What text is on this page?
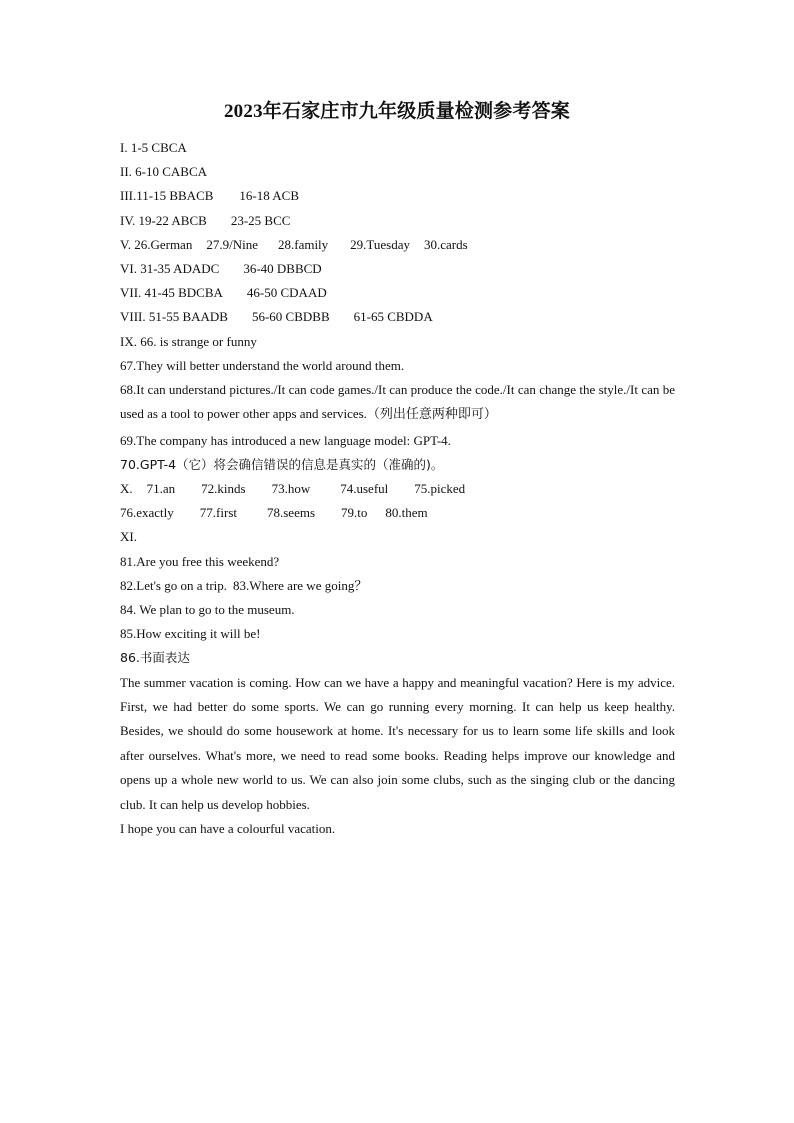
2023年石家庄市九年级质量检测参考答案
I. 1-5 CBCA
II. 6-10 CABCA
III.11-15 BBACB 16-18 ACB
IV. 19-22 ABCB 23-25 BCC
V. 26.German 27.9/Nine 28.family 29.Tuesday 30.cards
VI. 31-35 ADADC 36-40 DBBCD
VII. 41-45 BDCBA 46-50 CDAAD
VIII. 51-55 BAADB 56-60 CBDBB 61-65 CBDDA
IX. 66. is strange or funny
67.They will better understand the world around them.
68.It can understand pictures./It can code games./It can produce the code./It can change the style./It can be used as a tool to power other apps and services.（列出任意两种即可）
69.The company has introduced a new language model: GPT-4.
70.GPT-4（它）将会确信错误的信息是真实的（准确的)。
X. 71.an 72.kinds 73.how 74.useful 75.picked
76.exactly 77.first 78.seems 79.to 80.them
XI.
81.Are you free this weekend?
82.Let's go on a trip. 83.Where are we going？
84. We plan to go to the museum.
85.How exciting it will be!
86.书面表达
The summer vacation is coming. How can we have a happy and meaningful vacation? Here is my advice. First, we had better do some sports. We can go running every morning. It can help us keep healthy. Besides, we should do some housework at home. It's necessary for us to learn some life skills and look after ourselves. What's more, we need to read some books. Reading helps improve our knowledge and opens up a whole new world to us. We can also join some clubs, such as the singing club or the dancing club. It can help us develop hobbies.
I hope you can have a colourful vacation.
